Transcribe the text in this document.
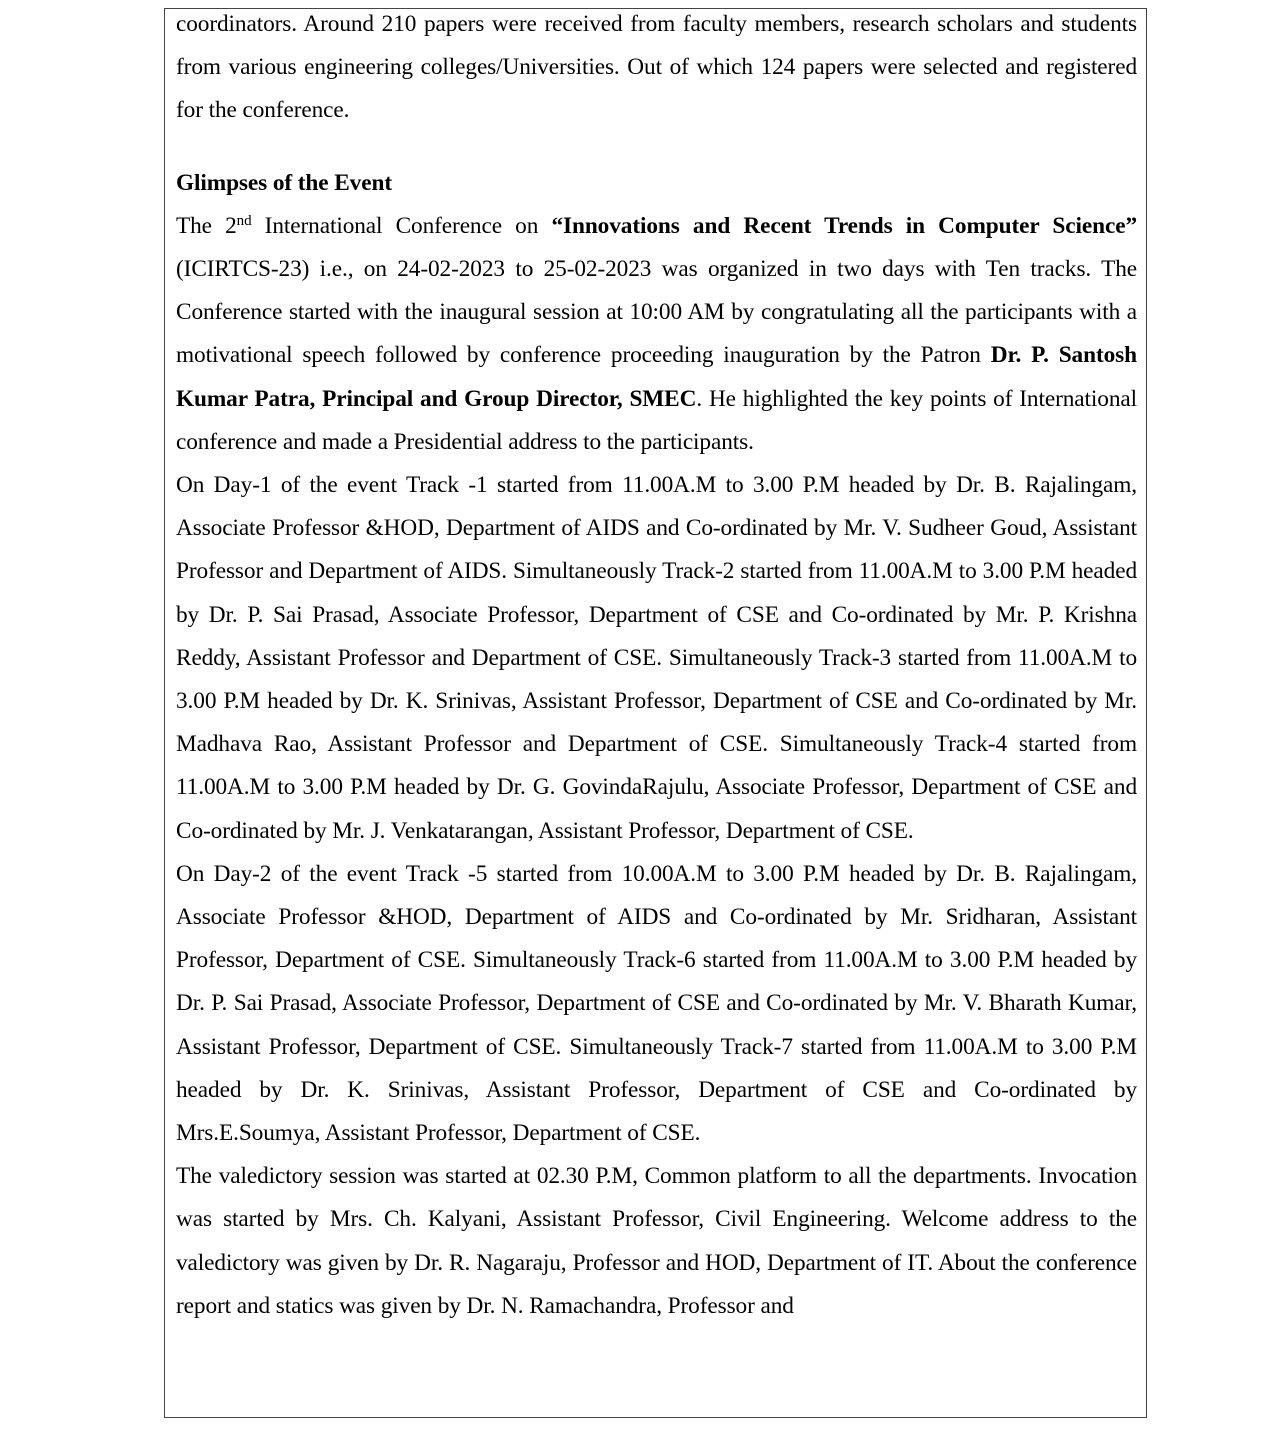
coordinators. Around 210 papers were received from faculty members, research scholars and students from various engineering colleges/Universities. Out of which 124 papers were selected and registered for the conference.

Glimpses of the Event

The 2nd International Conference on “Innovations and Recent Trends in Computer Science” (ICIRTCS-23) i.e., on 24-02-2023 to 25-02-2023 was organized in two days with Ten tracks. The Conference started with the inaugural session at 10:00 AM by congratulating all the participants with a motivational speech followed by conference proceeding inauguration by the Patron Dr. P. Santosh Kumar Patra, Principal and Group Director, SMEC. He highlighted the key points of International conference and made a Presidential address to the participants.

On Day-1 of the event Track -1 started from 11.00A.M to 3.00 P.M headed by Dr. B. Rajalingam, Associate Professor &HOD, Department of AIDS and Co-ordinated by Mr. V. Sudheer Goud, Assistant Professor and Department of AIDS. Simultaneously Track-2 started from 11.00A.M to 3.00 P.M headed by Dr. P. Sai Prasad, Associate Professor, Department of CSE and Co-ordinated by Mr. P. Krishna Reddy, Assistant Professor and Department of CSE. Simultaneously Track-3 started from 11.00A.M to 3.00 P.M headed by Dr. K. Srinivas, Assistant Professor, Department of CSE and Co-ordinated by Mr. Madhava Rao, Assistant Professor and Department of CSE. Simultaneously Track-4 started from 11.00A.M to 3.00 P.M headed by Dr. G. GovindaRajulu, Associate Professor, Department of CSE and Co-ordinated by Mr. J. Venkatarangan, Assistant Professor, Department of CSE.

On Day-2 of the event Track -5 started from 10.00A.M to 3.00 P.M headed by Dr. B. Rajalingam, Associate Professor &HOD, Department of AIDS and Co-ordinated by Mr. Sridharan, Assistant Professor, Department of CSE. Simultaneously Track-6 started from 11.00A.M to 3.00 P.M headed by Dr. P. Sai Prasad, Associate Professor, Department of CSE and Co-ordinated by Mr. V. Bharath Kumar, Assistant Professor, Department of CSE. Simultaneously Track-7 started from 11.00A.M to 3.00 P.M headed by Dr. K. Srinivas, Assistant Professor, Department of CSE and Co-ordinated by Mrs.E.Soumya, Assistant Professor, Department of CSE.

The valedictory session was started at 02.30 P.M, Common platform to all the departments. Invocation was started by Mrs. Ch. Kalyani, Assistant Professor, Civil Engineering. Welcome address to the valedictory was given by Dr. R. Nagaraju, Professor and HOD, Department of IT. About the conference report and statics was given by Dr. N. Ramachandra, Professor and
